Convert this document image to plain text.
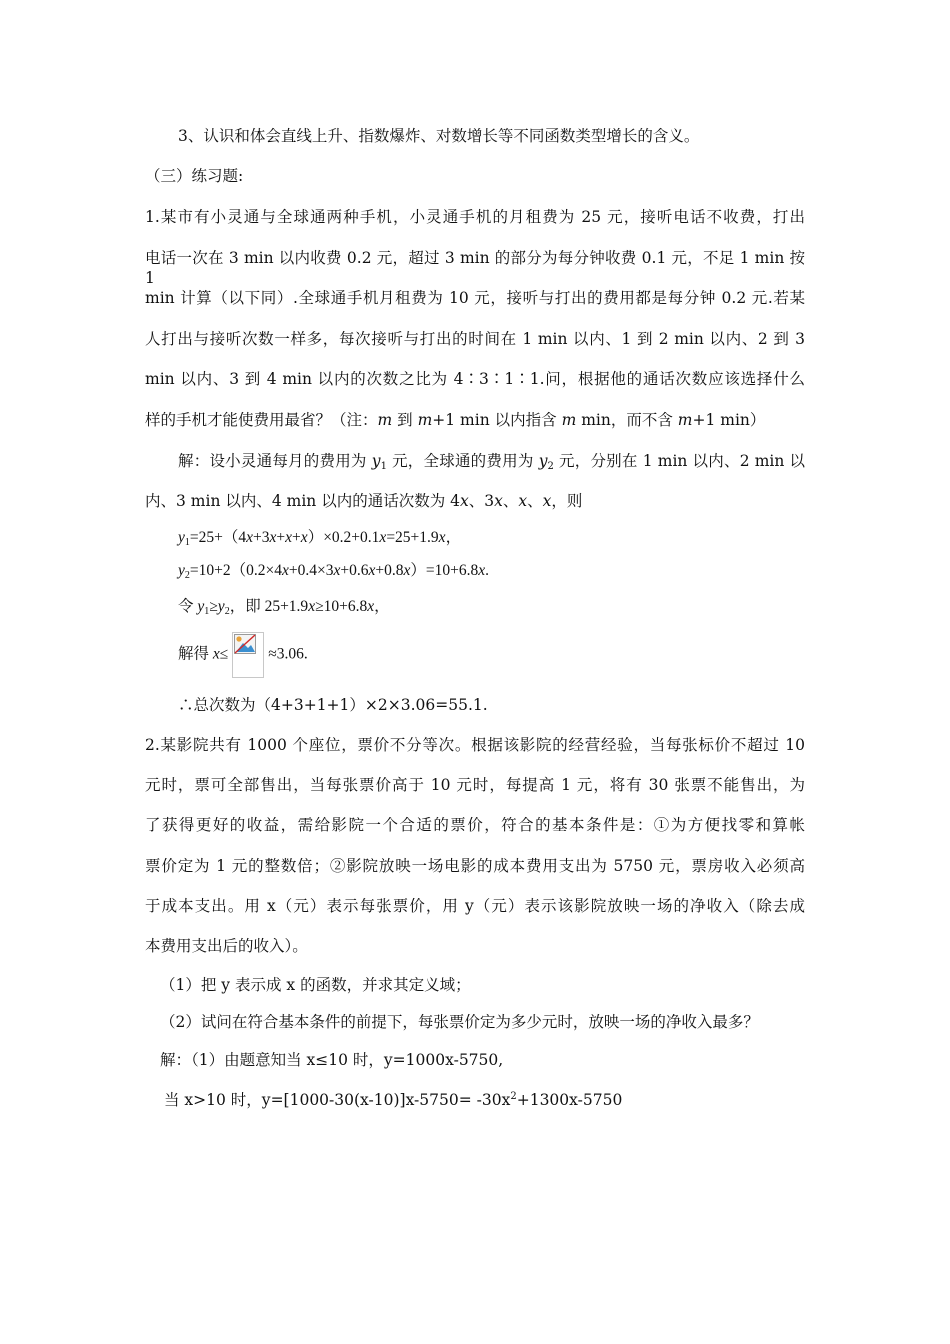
3、认识和体会直线上升、指数爆炸、对数增长等不同函数类型增长的含义。
（三）练习题:
1.某市有小灵通与全球通两种手机，小灵通手机的月租费为 25 元，接听电话不收费，打出
电话一次在 3 min 以内收费 0.2 元，超过 3 min 的部分为每分钟收费 0.1 元，不足 1 min 按 1
min 计算（以下同）.全球通手机月租费为 10 元，接听与打出的费用都是每分钟 0.2 元.若某
人打出与接听次数一样多，每次接听与打出的时间在 1 min 以内、1 到 2 min 以内、2 到 3
min 以内、3 到 4 min 以内的次数之比为 4∶3∶1∶1.问，根据他的通话次数应该选择什么
样的手机才能使费用最省？（注：m 到 m+1 min 以内指含 m min，而不含 m+1 min）
解：设小灵通每月的费用为 $y_1$ 元，全球通的费用为 $y_2$ 元，分别在 1 min 以内、2 min 以
内、3 min 以内、4 min 以内的通话次数为 4x、3x、x、x，则
$y_1=25+(4x+3x+x+x)\times 0.2+0.1x=25+1.9x$，
$y_2=10+2(0.2\times 4x+0.4\times 3x+0.6x+0.8x)=10+6.8x$.
令 $y_1\ge y_2$，即 25+1.9x≥10+6.8x，
解得 x≤	≈3.06.
∴总次数为（4+3+1+1）×2×3.06=55.1.
2.某影院共有 1000 个座位，票价不分等次。根据该影院的经营经验，当每张标价不超过 10
元时，票可全部售出，当每张票价高于 10 元时，每提高 1 元，将有 30 张票不能售出，为
了获得更好的收益，需给影院一个合适的票价，符合的基本条件是：①为方便找零和算帐
票价定为 1 元的整数倍；②影院放映一场电影的成本费用支出为 5750 元，票房收入必须高
于成本支出。用 x（元）表示每张票价，用 y（元）表示该影院放映一场的净收入（除去成
本费用支出后的收入）。
（1）把 y 表示成 x 的函数，并求其定义域；
（2）试问在符合基本条件的前提下，每张票价定为多少元时，放映一场的净收入最多？
解：（1）由题意知当 x≤10 时，y=1000x-5750,
当 x>10 时，$y=[1000-30(x-10)]x-5750= -30x^2+1300x-5750$
